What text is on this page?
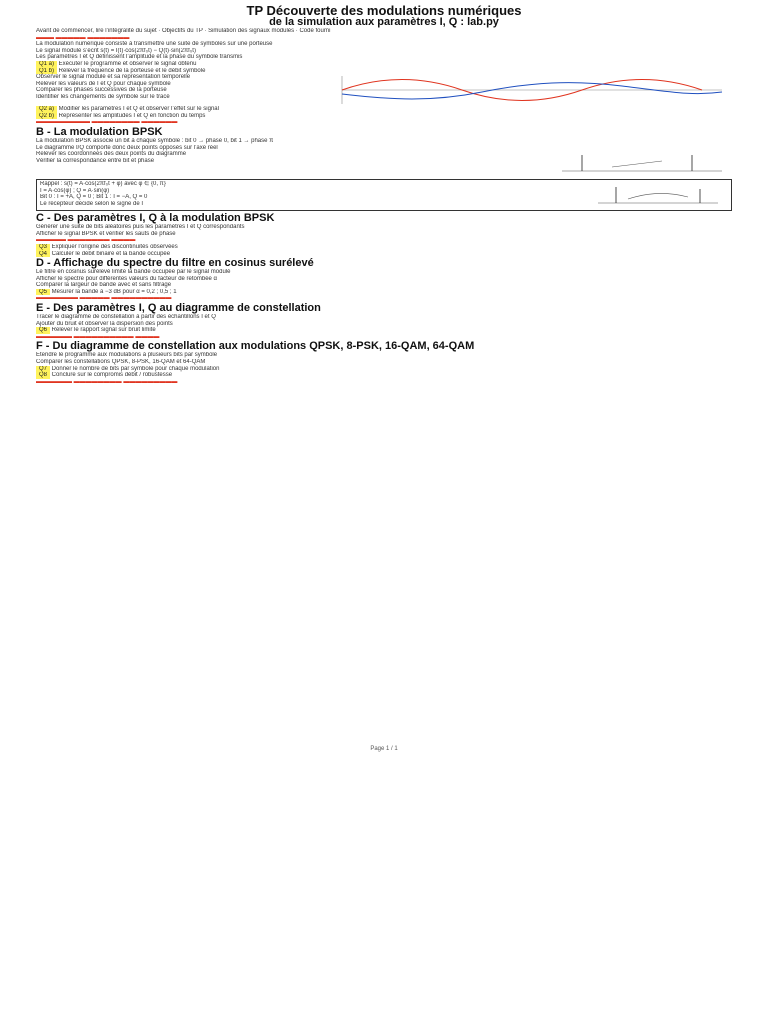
TP Découverte des modulations numériques
de la simulation aux paramètres I, Q : lab.py
Avant de commencer, lire l’intégralité du sujet · Objectifs du TP · Simulation des signaux modulés · Code fourni
▬▬▬ ▬▬▬▬▬ ▬▬▬▬▬▬▬
La modulation numérique consiste à transmettre une suite de symboles sur une porteuse
Le signal modulé s’écrit s(t) = I(t)·cos(2πf₀t) − Q(t)·sin(2πf₀t)
Les paramètres I et Q définissent l’amplitude et la phase du symbole transmis
Q1 a) Exécuter le programme et observer le signal obtenu
Q1 b) Relever la fréquence de la porteuse et le débit symbole
Observer le signal modulé et sa représentation temporelle
Relever les valeurs de I et Q pour chaque symbole
Comparer les phases successives de la porteuse
Identifier les changements de symbole sur le tracé
Q2 a) Modifier les paramètres I et Q et observer l’effet sur le signal
Q2 b) Représenter les amplitudes I et Q en fonction du temps
▬▬▬▬▬▬▬▬▬ ▬▬▬▬▬▬▬▬ ▬▬▬▬▬▬
B - La modulation BPSK
La modulation BPSK associe un bit à chaque symbole : bit 0 → phase 0, bit 1 → phase π
Le diagramme I/Q comporte donc deux points opposés sur l’axe réel
Relever les coordonnées des deux points du diagramme
Vérifier la correspondance entre bit et phase
Rappel : s(t) = A·cos(2πf₀t + φ) avec φ ∈ {0, π}
I = A·cos(φ) ; Q = A·sin(φ)
Bit 0 : I = +A, Q = 0 ; Bit 1 : I = −A, Q = 0
Le récepteur décide selon le signe de I
C - Des paramètres I, Q à la modulation BPSK
Générer une suite de bits aléatoires puis les paramètres I et Q correspondants
Afficher le signal BPSK et vérifier les sauts de phase
▬▬▬▬▬ ▬▬▬▬▬▬▬ ▬▬▬▬
Q3 Expliquer l’origine des discontinuités observées
Q4 Calculer le débit binaire et la bande occupée
D - Affichage du spectre du filtre en cosinus surélevé
Le filtre en cosinus surélevé limite la bande occupée par le signal modulé
Afficher le spectre pour différentes valeurs du facteur de retombée α
Comparer la largeur de bande avec et sans filtrage
Q5 Mesurer la bande à −3 dB pour α = 0,2 ; 0,5 ; 1
▬▬▬▬▬▬▬ ▬▬▬▬▬ ▬▬▬▬▬▬▬▬▬▬
E - Des paramètres I, Q au diagramme de constellation
Tracer le diagramme de constellation à partir des échantillons I et Q
Ajouter du bruit et observer la dispersion des points
Q6 Relever le rapport signal sur bruit limite
▬▬▬▬▬▬ ▬▬▬▬▬▬▬▬▬▬ ▬▬▬▬
F - Du diagramme de constellation aux modulations QPSK, 8-PSK, 16-QAM, 64-QAM
Étendre le programme aux modulations à plusieurs bits par symbole
Comparer les constellations QPSK, 8-PSK, 16-QAM et 64-QAM
Q7 Donner le nombre de bits par symbole pour chaque modulation
Q8 Conclure sur le compromis débit / robustesse
▬▬▬▬▬▬ ▬▬▬▬▬▬▬▬ ▬▬▬▬▬▬▬▬▬
Page 1 / 1
